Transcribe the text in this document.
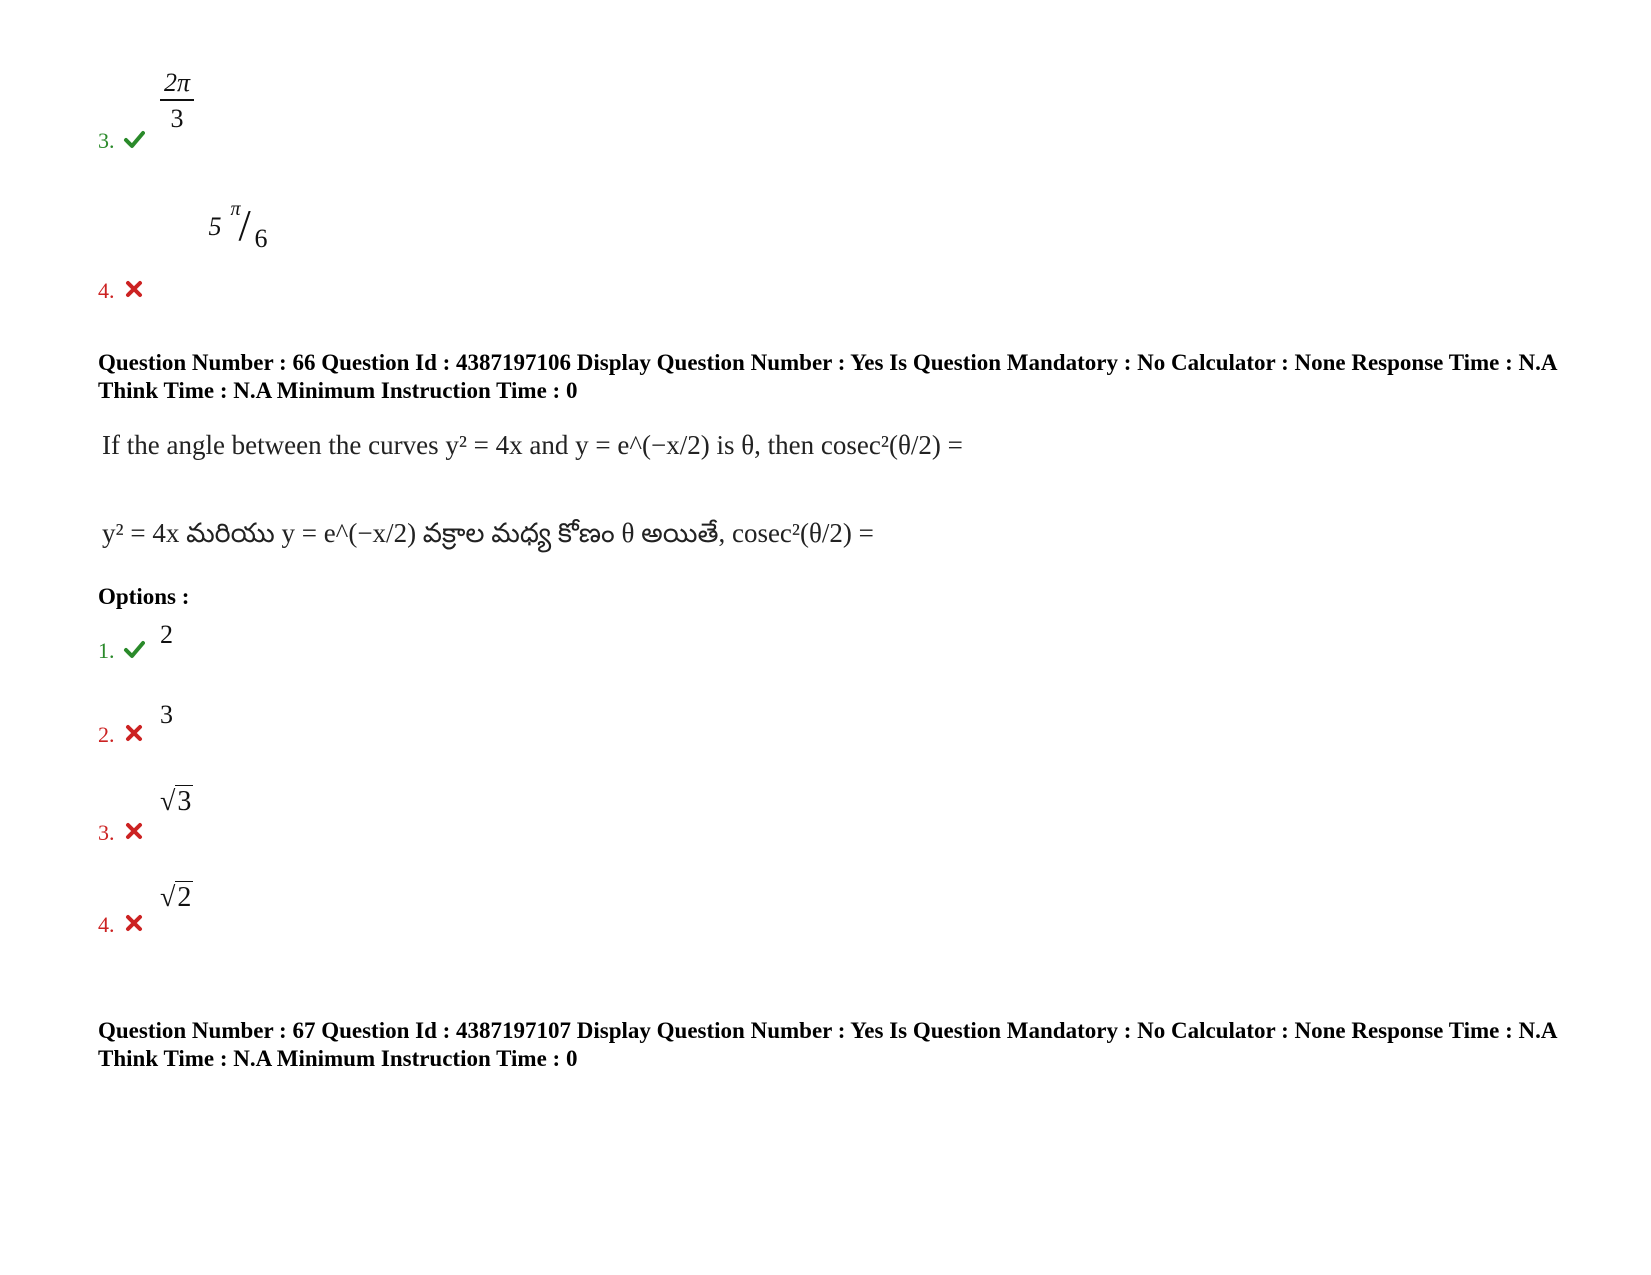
3.
$\frac{2\pi}{3}$
4.
5
π
/ 6
Question Number : 66 Question Id : 4387197106 Display Question Number : Yes Is Question Mandatory : No Calculator : None Response Time : N.A Think Time : N.A Minimum Instruction Time : 0
If the angle between the curves y² = 4x and y = e^(−x/2) is θ, then cosec²(θ/2) =
y² = 4x మరియు y = e^(−x/2) వక్రాల మధ్య కోణం θ అయితే, cosec²(θ/2) =
Options :
1.
2
2.
3
3.
√3
4.
√2
Question Number : 67 Question Id : 4387197107 Display Question Number : Yes Is Question Mandatory : No Calculator : None Response Time : N.A Think Time : N.A Minimum Instruction Time : 0
